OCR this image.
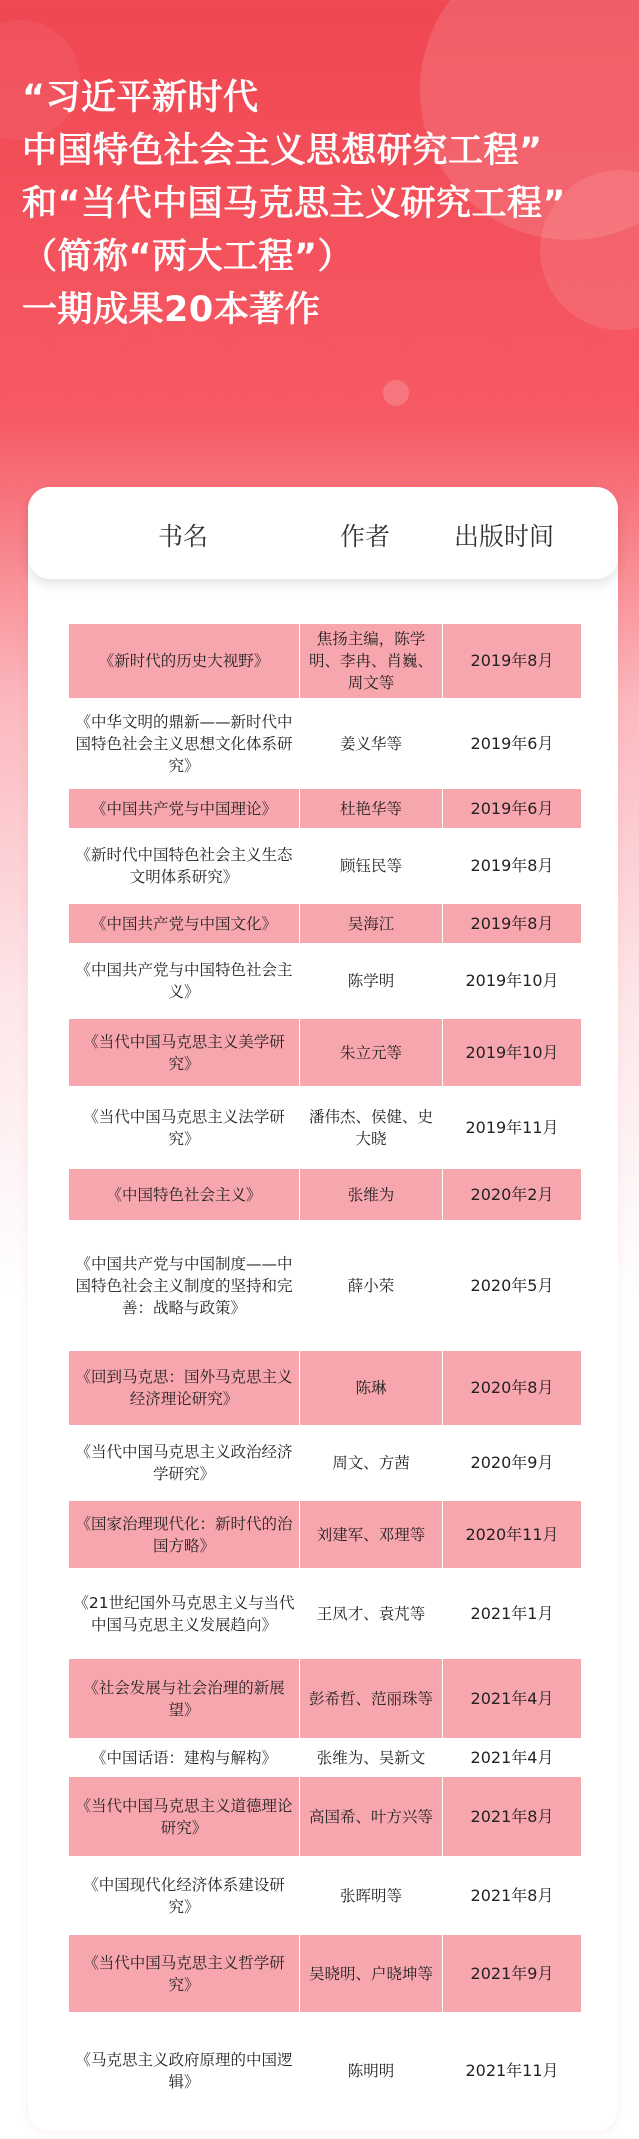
“习近平新时代
中国特色社会主义思想研究工程”
和“当代中国马克思主义研究工程”
（简称“两大工程”）
一期成果20本著作
书名	作者	出版时间
《新时代的历史大视野》	焦扬主编，陈学明、李冉、肖巍、周文等	2019年8月
《中华文明的鼎新——新时代中国特色社会主义思想文化体系研究》	姜义华等	2019年6月
《中国共产党与中国理论》	杜艳华等	2019年6月
《新时代中国特色社会主义生态文明体系研究》	顾钰民等	2019年8月
《中国共产党与中国文化》	吴海江	2019年8月
《中国共产党与中国特色社会主义》	陈学明	2019年10月
《当代中国马克思主义美学研究》	朱立元等	2019年10月
《当代中国马克思主义法学研究》	潘伟杰、侯健、史大晓	2019年11月
《中国特色社会主义》	张维为	2020年2月
《中国共产党与中国制度——中国特色社会主义制度的坚持和完善：战略与政策》	薛小荣	2020年5月
《回到马克思：国外马克思主义经济理论研究》	陈琳	2020年8月
《当代中国马克思主义政治经济学研究》	周文、方茜	2020年9月
《国家治理现代化：新时代的治国方略》	刘建军、邓理等	2020年11月
《21世纪国外马克思主义与当代中国马克思主义发展趋向》	王凤才、袁芃等	2021年1月
《社会发展与社会治理的新展望》	彭希哲、范丽珠等	2021年4月
《中国话语：建构与解构》	张维为、吴新文	2021年4月
《当代中国马克思主义道德理论研究》	高国希、叶方兴等	2021年8月
《中国现代化经济体系建设研究》	张晖明等	2021年8月
《当代中国马克思主义哲学研究》	吴晓明、户晓坤等	2021年9月
《马克思主义政府原理的中国逻辑》	陈明明	2021年11月
